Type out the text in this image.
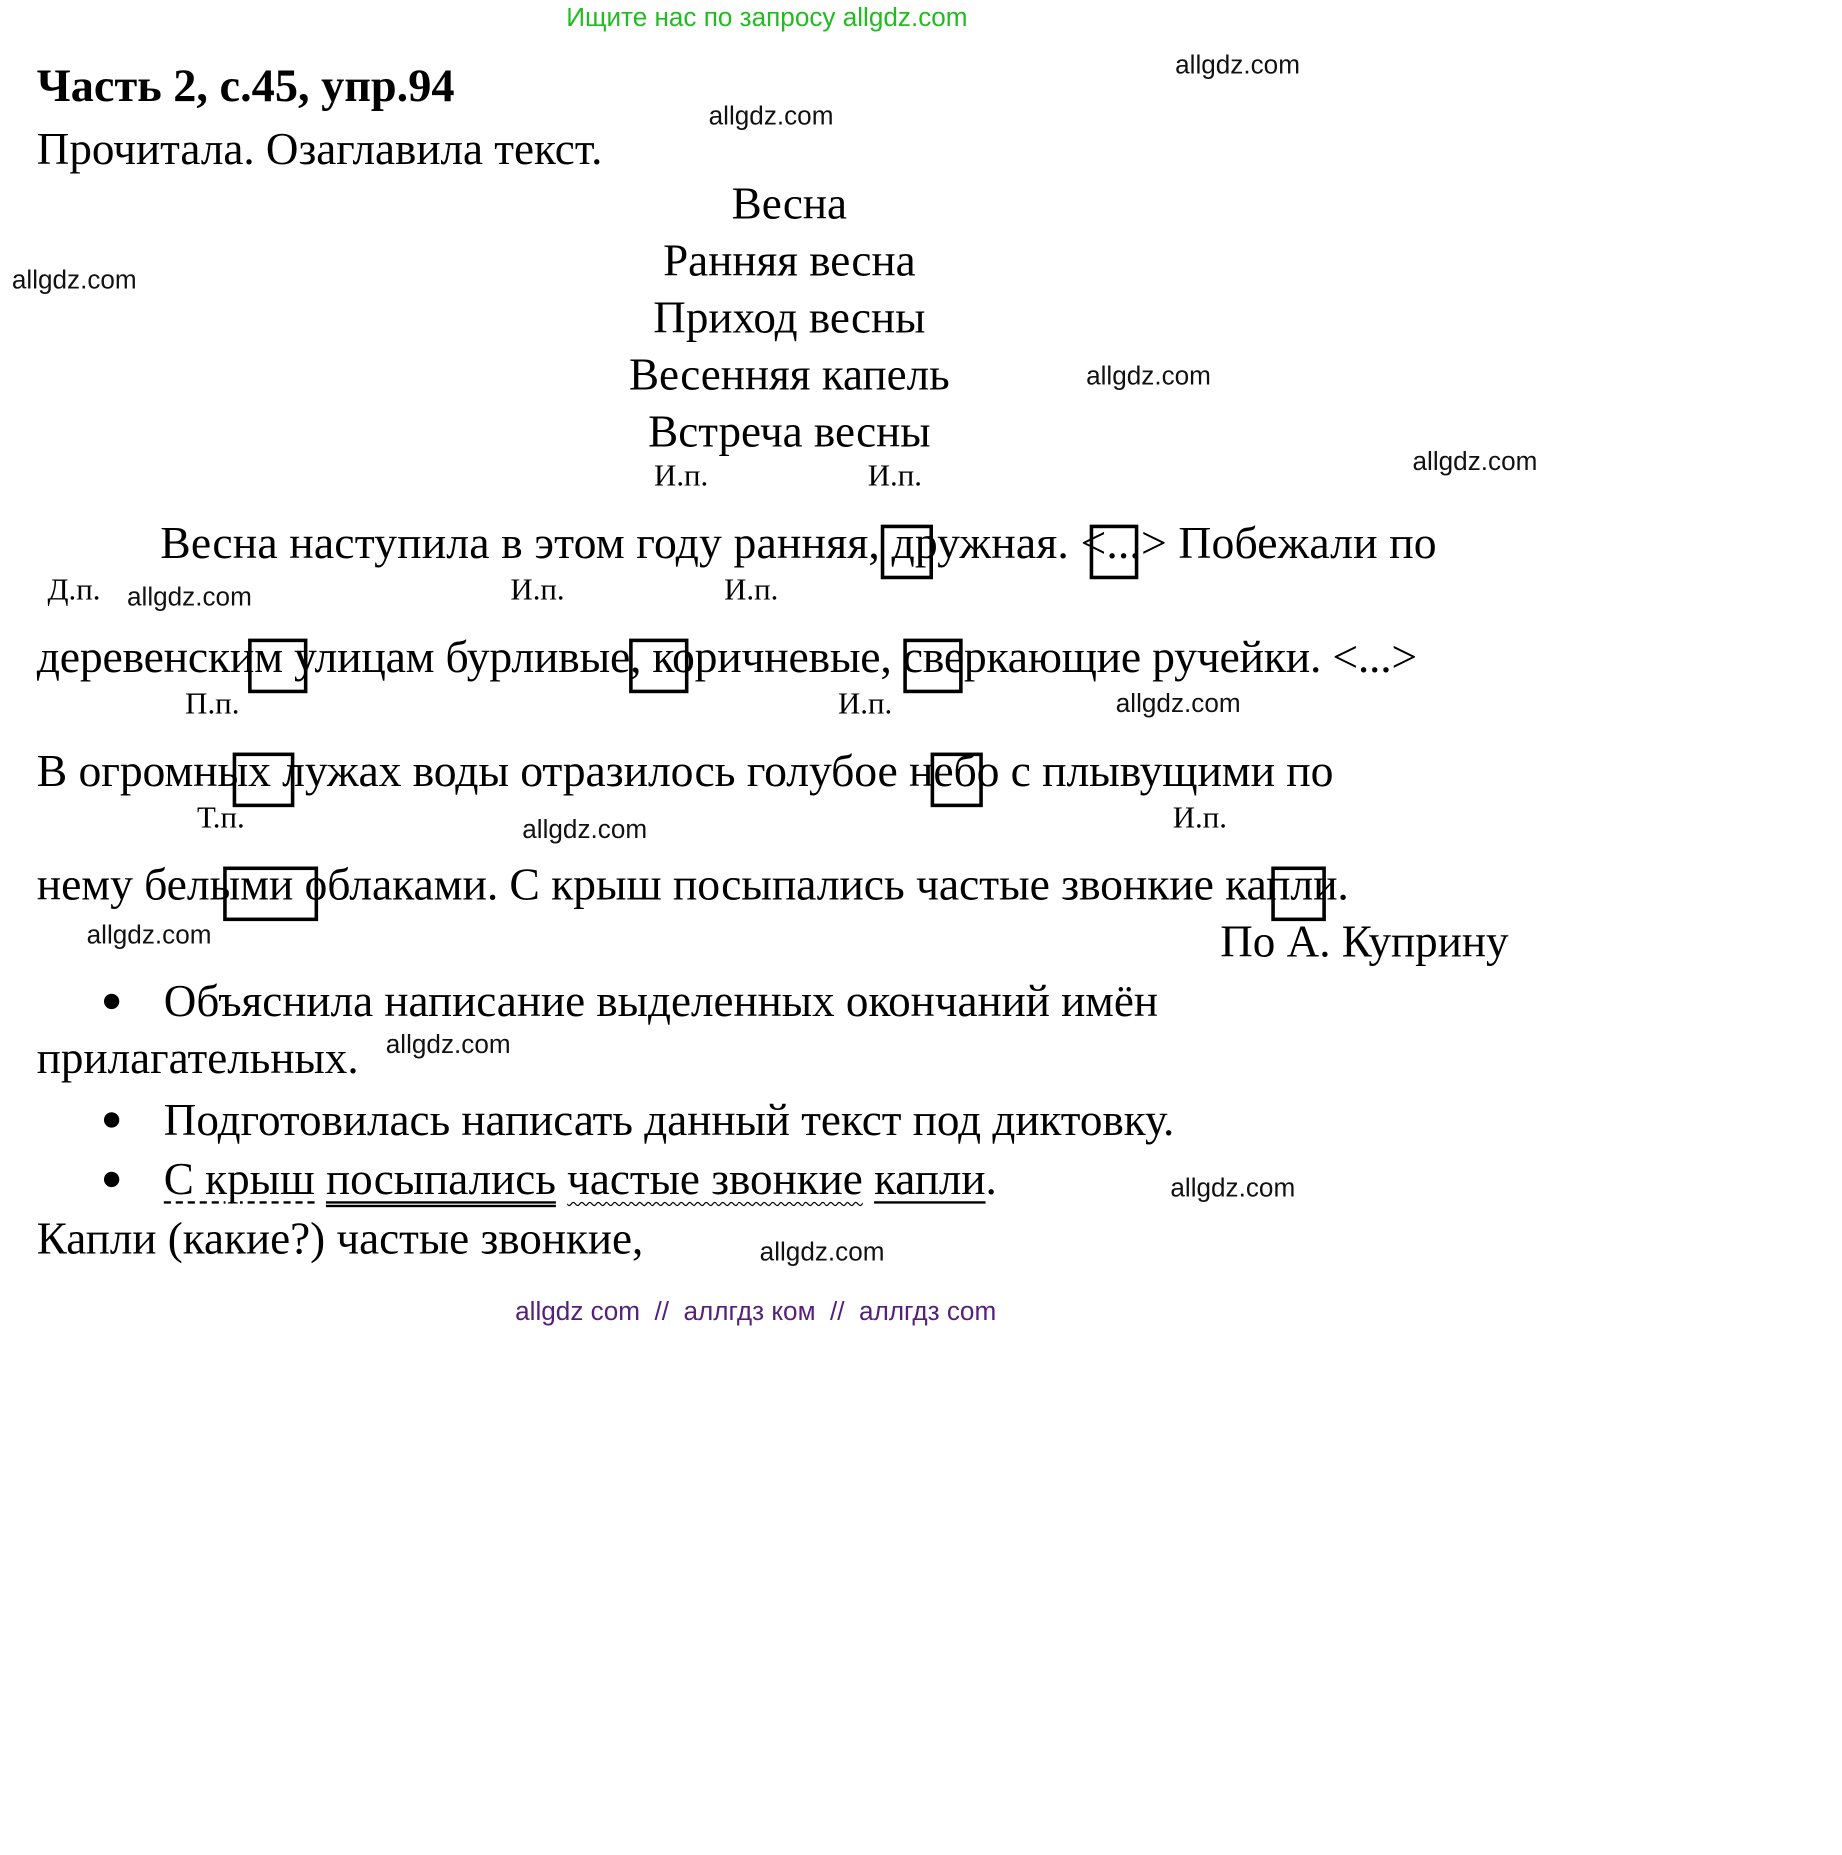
Ищите нас по запросу allgdz.com
Часть 2, с.45, упр.94
Прочитала. Озаглавила текст.
Весна
Ранняя весна
Приход весны
Весенняя капель
Встреча весны
И.п.	И.п.
Весна наступила в этом году ранняя, дружная. <...> Побежали по
Д.п.	И.п.	И.п.
деревенским улицам бурливые, коричневые, сверкающие ручейки. <...>
П.п.	И.п.
В огромных лужах воды отразилось голубое небо с плывущими по
Т.п.	И.п.
нему белыми облаками. С крыш посыпались частые звонкие капли.
По А. Куприну
● Объяснила написание выделенных окончаний имён
прилагательных.
● Подготовилась написать данный текст под диктовку.
● С крыш посыпались частые звонкие капли.
Капли (какие?) частые звонкие,
allgdz.com
allgdz.com
allgdz.com
allgdz.com
allgdz.com
allgdz.com
allgdz.com
allgdz.com
allgdz.com
allgdz.com
allgdz.com
allgdz.com
allgdz com  //  аллгдз ком  //  аллгдз com
